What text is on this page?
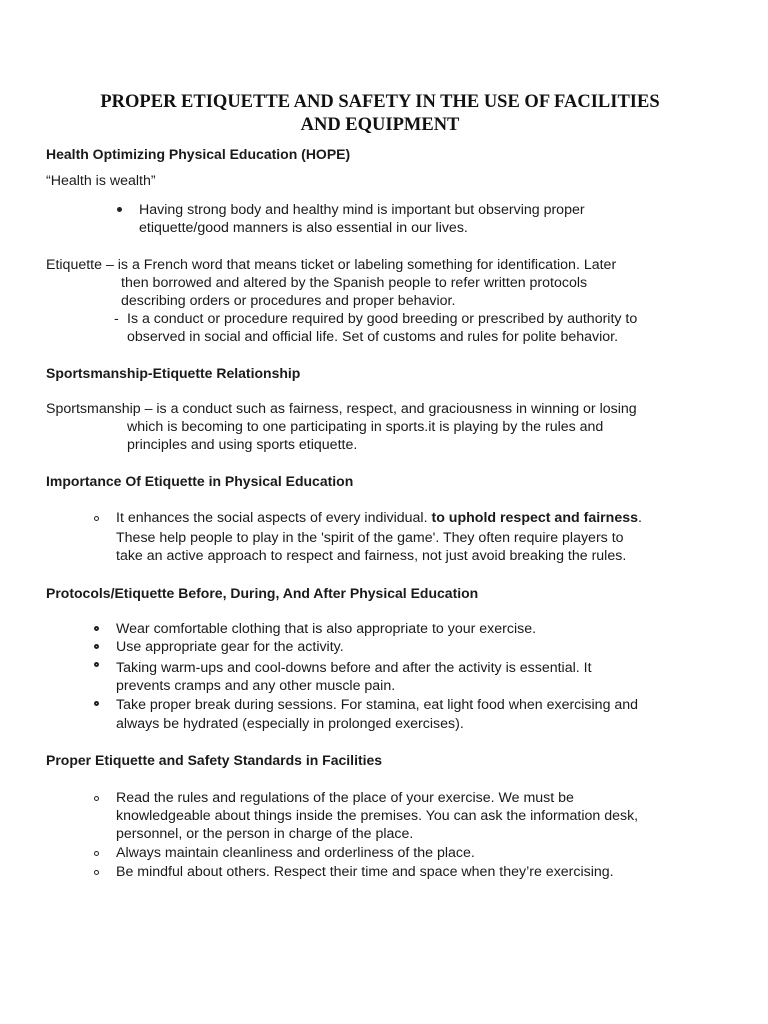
PROPER ETIQUETTE AND SAFETY IN THE USE OF FACILITIES
AND EQUIPMENT
Health Optimizing Physical Education (HOPE)
“Health is wealth”
Having strong body and healthy mind is important but observing proper
etiquette/good manners is also essential in our lives.
Etiquette – is a French word that means ticket or labeling something for identification. Later
then borrowed and altered by the Spanish people to refer written protocols
describing orders or procedures and proper behavior.
- Is a conduct or procedure required by good breeding or prescribed by authority to
observed in social and official life. Set of customs and rules for polite behavior.
Sportsmanship-Etiquette Relationship
Sportsmanship – is a conduct such as fairness, respect, and graciousness in winning or losing
which is becoming to one participating in sports.it is playing by the rules and
principles and using sports etiquette.
Importance Of Etiquette in Physical Education
It enhances the social aspects of every individual. to uphold respect and fairness.
These help people to play in the 'spirit of the game'. They often require players to
take an active approach to respect and fairness, not just avoid breaking the rules.
Protocols/Etiquette Before, During, And After Physical Education
Wear comfortable clothing that is also appropriate to your exercise.
Use appropriate gear for the activity.
Taking warm-ups and cool-downs before and after the activity is essential. It
prevents cramps and any other muscle pain.
Take proper break during sessions. For stamina, eat light food when exercising and
always be hydrated (especially in prolonged exercises).
Proper Etiquette and Safety Standards in Facilities
Read the rules and regulations of the place of your exercise. We must be
knowledgeable about things inside the premises. You can ask the information desk,
personnel, or the person in charge of the place.
Always maintain cleanliness and orderliness of the place.
Be mindful about others. Respect their time and space when they’re exercising.
